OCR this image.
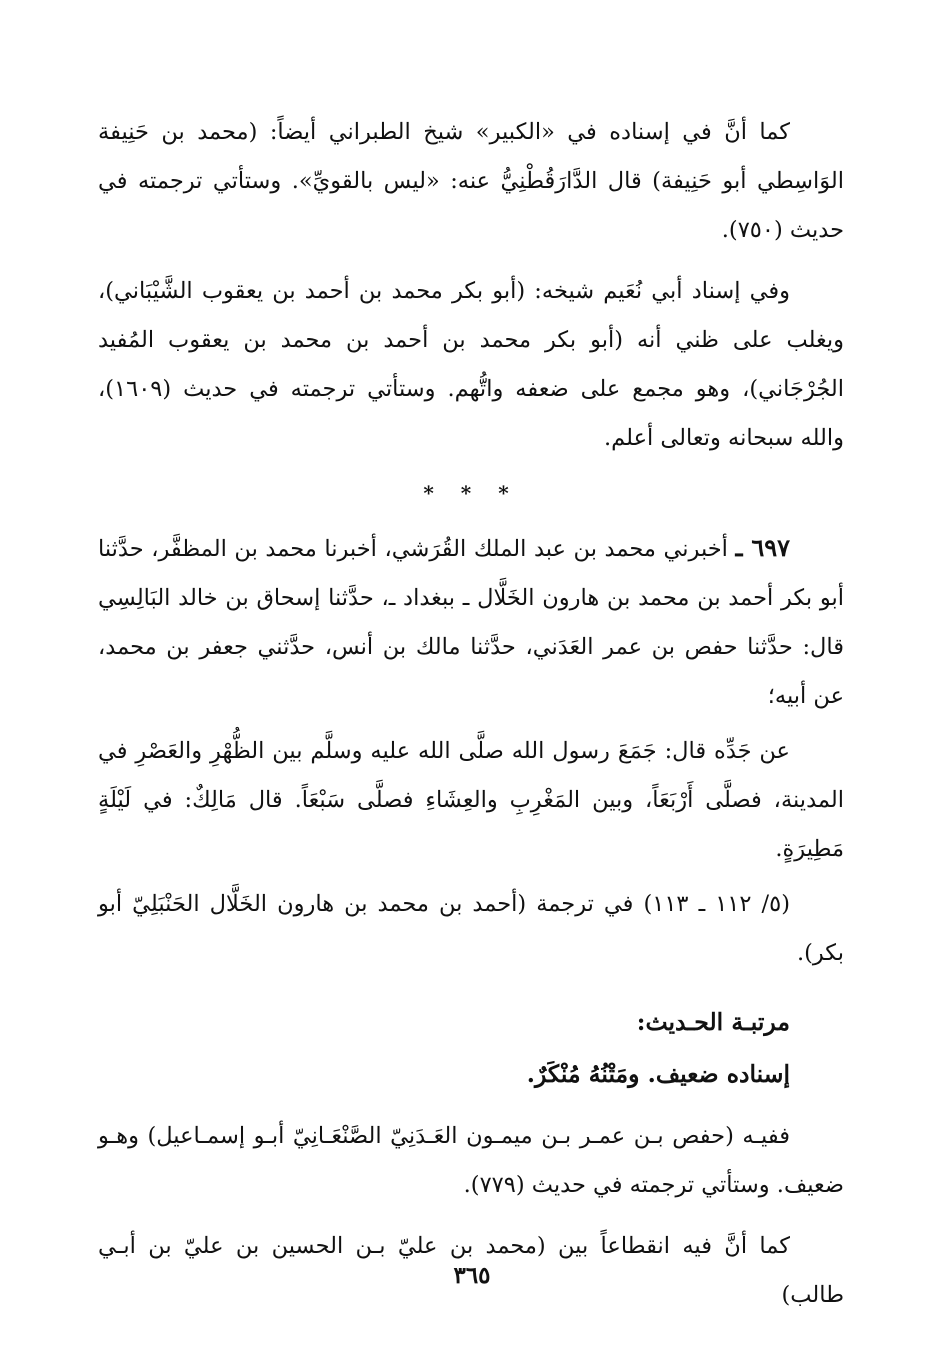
كما أنَّ في إسناده في «الكبير» شيخ الطبراني أيضاً: (محمد بن حَنِيفة الوَاسِطي أبو حَنِيفة) قال الدَّارَقُطْنِيُّ عنه: «ليس بالقويِّ». وستأتي ترجمته في حديث (٧٥٠).

وفي إسناد أبي نُعَيم شيخه: (أبو بكر محمد بن أحمد بن يعقوب الشَّيْبَاني)، ويغلب على ظني أنه (أبو بكر محمد بن أحمد بن محمد بن يعقوب المُفيد الجُرْجَاني)، وهو مجمع على ضعفه واتُّهم. وستأتي ترجمته في حديث (١٦٠٩)، والله سبحانه وتعالى أعلم.

* * *

٦٩٧ ـ أخبرني محمد بن عبد الملك القُرَشي، أخبرنا محمد بن المظفَّر، حدَّثنا أبو بكر أحمد بن محمد بن هارون الخَلَّال ـ ببغداد ـ، حدَّثنا إسحاق بن خالد البَالِسِي قال: حدَّثنا حفص بن عمر العَدَني، حدَّثنا مالك بن أنس، حدَّثني جعفر بن محمد، عن أبيه؛

عن جَدِّه قال: جَمَعَ رسول الله صلَّى الله عليه وسلَّم بين الظُّهْرِ والعَصْرِ في المدينة، فصلَّى أَرْبَعَاً، وبين المَغْرِبِ والعِشَاءِ فصلَّى سَبْعَاً. قال مَالِكٌ: في لَيْلَةٍ مَطِيرَةٍ.

(٥/ ١١٢ ـ ١١٣) في ترجمة (أحمد بن محمد بن هارون الخَلَّال الحَنْبَلِيّ أبو بكر).

مرتبـة الحـديث:

إسناده ضعيف. ومَتْنُهُ مُنْكَرٌ.

ففيـه (حفص بـن عمـر بـن ميمـون العَـدَنِيّ الصَّنْعَـانِيّ أبـو إسمـاعيل) وهـو ضعيف. وستأتي ترجمته في حديث (٧٧٩).

كما أنَّ فيه انقطاعاً بين (محمد بن عليّ بـن الحسين بن عليّ بن أبـي طالب)

٣٦٥
